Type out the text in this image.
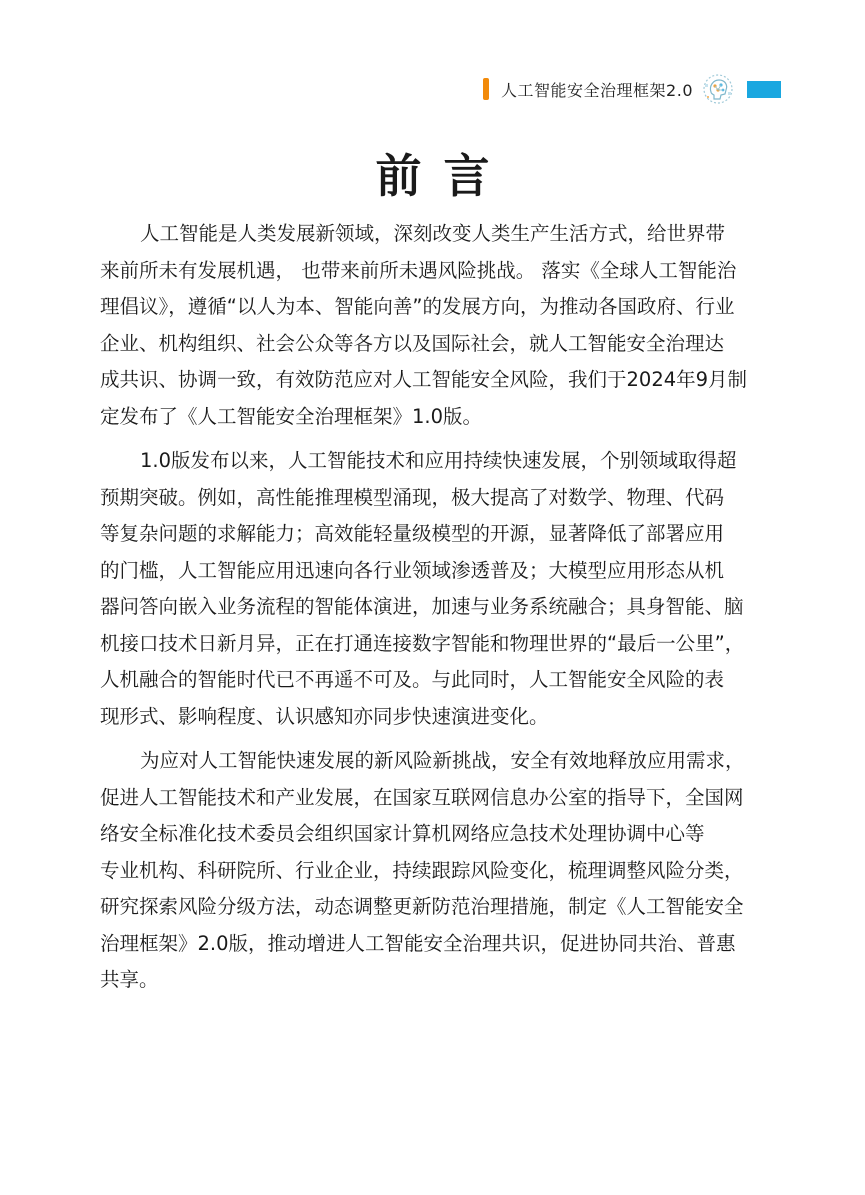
人工智能安全治理框架2.0
前言

人工智能是人类发展新领域，深刻改变人类生产生活方式，给世界带
来前所未有发展机遇， 也带来前所未遇风险挑战。 落实《全球人工智能治
理倡议》，遵循“以人为本、智能向善”的发展方向，为推动各国政府、行业
企业、机构组织、社会公众等各方以及国际社会，就人工智能安全治理达
成共识、协调一致，有效防范应对人工智能安全风险，我们于2024年9月制
定发布了《人工智能安全治理框架》1.0版。

1.0版发布以来，人工智能技术和应用持续快速发展，个别领域取得超
预期突破。例如，高性能推理模型涌现，极大提高了对数学、物理、代码
等复杂问题的求解能力；高效能轻量级模型的开源，显著降低了部署应用
的门槛，人工智能应用迅速向各行业领域渗透普及；大模型应用形态从机
器问答向嵌入业务流程的智能体演进，加速与业务系统融合；具身智能、脑
机接口技术日新月异，正在打通连接数字智能和物理世界的“最后一公里”，
人机融合的智能时代已不再遥不可及。与此同时，人工智能安全风险的表
现形式、影响程度、认识感知亦同步快速演进变化。

为应对人工智能快速发展的新风险新挑战，安全有效地释放应用需求，
促进人工智能技术和产业发展，在国家互联网信息办公室的指导下，全国网
络安全标准化技术委员会组织国家计算机网络应急技术处理协调中心等
专业机构、科研院所、行业企业，持续跟踪风险变化，梳理调整风险分类，
研究探索风险分级方法，动态调整更新防范治理措施，制定《人工智能安全
治理框架》2.0版，推动增进人工智能安全治理共识，促进协同共治、普惠
共享。
